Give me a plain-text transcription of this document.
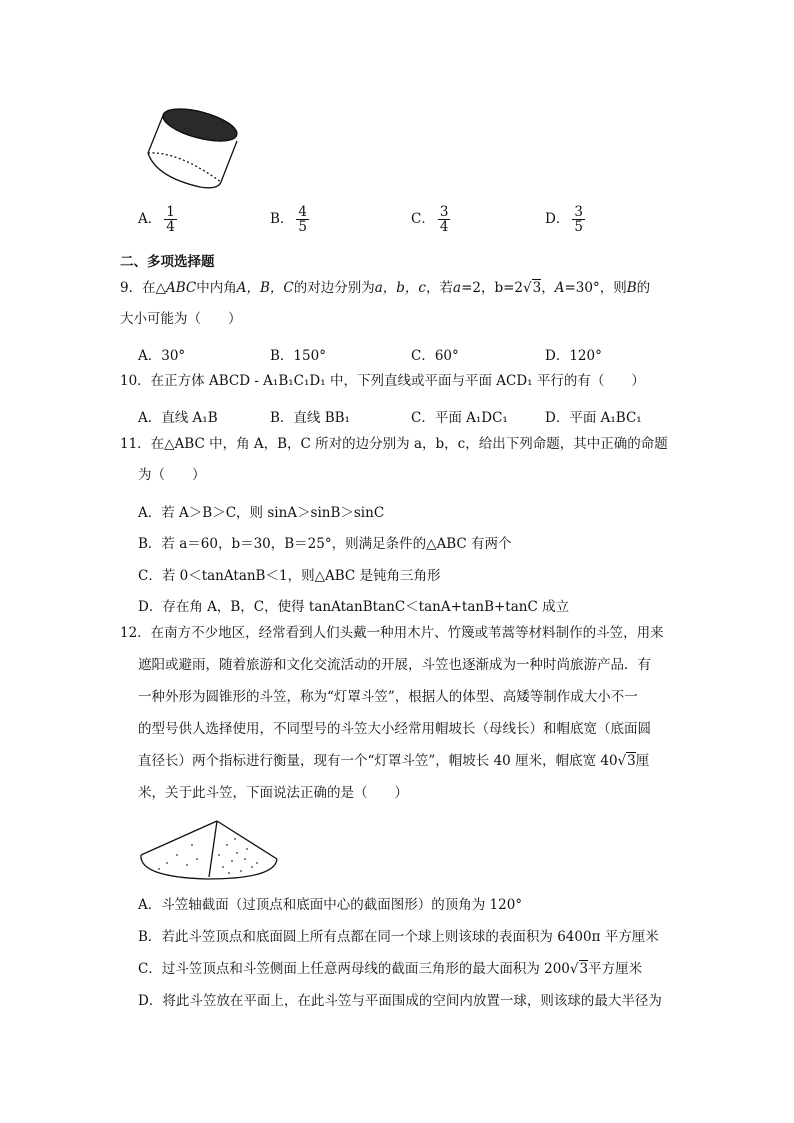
A． $\frac{1}{4}$	B． $\frac{4}{5}$	C． $\frac{3}{4}$	D． $\frac{3}{5}$
二、多项选择题
9．在△ABC中内角A，B，C的对边分别为a，b，c，若a=2，b=2√3，A=30°，则B的
大小可能为（　　）
A．30°	B．150°	C．60°	D．120°
10．在正方体 ABCD - A₁B₁C₁D₁ 中，下列直线或平面与平面 ACD₁ 平行的有（　　）
A．直线 A₁B	B．直线 BB₁	C．平面 A₁DC₁	D．平面 A₁BC₁
11．在△ABC 中，角 A，B，C 所对的边分别为 a，b，c，给出下列命题，其中正确的命题
为（　　）
A．若 A＞B＞C，则 sinA＞sinB＞sinC
B．若 a＝60，b＝30，B＝25°，则满足条件的△ABC 有两个
C．若 0＜tanAtanB＜1，则△ABC 是钝角三角形
D．存在角 A，B，C，使得 tanAtanBtanC＜tanA+tanB+tanC 成立
12．在南方不少地区，经常看到人们头戴一种用木片、竹篾或苇蒿等材料制作的斗笠，用来
遮阳或避雨，随着旅游和文化交流活动的开展，斗笠也逐渐成为一种时尚旅游产品．有
一种外形为圆锥形的斗笠，称为“灯罩斗笠”，根据人的体型、高矮等制作成大小不一
的型号供人选择使用，不同型号的斗笠大小经常用帽坡长（母线长）和帽底宽（底面圆
直径长）两个指标进行衡量，现有一个“灯罩斗笠”，帽坡长 40 厘米，帽底宽 40√3厘
米，关于此斗笠，下面说法正确的是（　　）
A．斗笠轴截面（过顶点和底面中心的截面图形）的顶角为 120°
B．若此斗笠顶点和底面圆上所有点都在同一个球上则该球的表面积为 6400π 平方厘米
C．过斗笠顶点和斗笠侧面上任意两母线的截面三角形的最大面积为 200√3平方厘米
D．将此斗笠放在平面上，在此斗笠与平面围成的空间内放置一球，则该球的最大半径为
